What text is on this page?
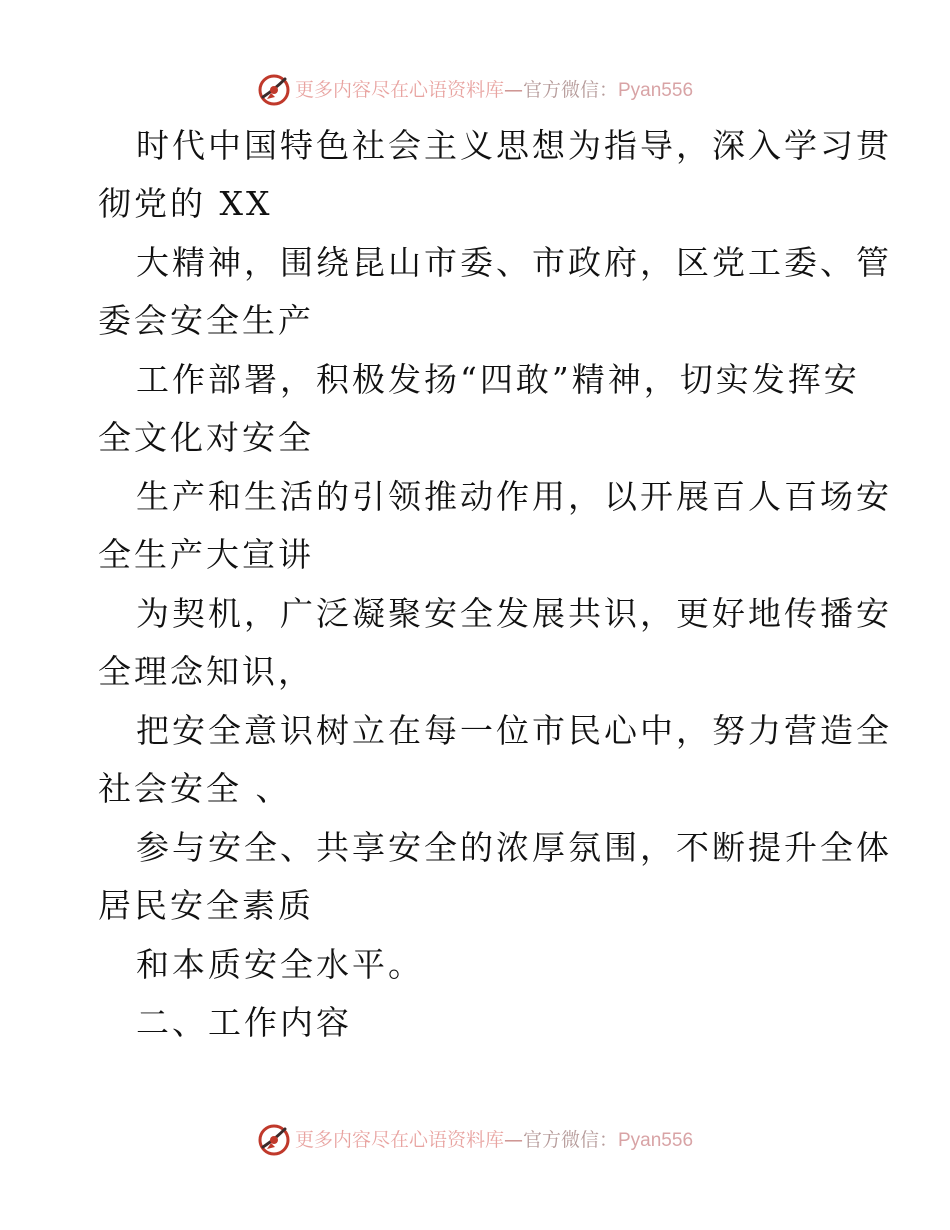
更多内容尽在心语资料库—官方微信：Pyan556
时代中国特色社会主义思想为指导，深入学习贯
彻党的 XX
大精神，围绕昆山市委、市政府，区党工委、管
委会安全生产
工作部署，积极发扬“四敢”精神，切实发挥安
全文化对安全
生产和生活的引领推动作用，以开展百人百场安
全生产大宣讲
为契机，广泛凝聚安全发展共识，更好地传播安
全理念知识，
把安全意识树立在每一位市民心中，努力营造全
社会安全 、
参与安全、共享安全的浓厚氛围，不断提升全体
居民安全素质
和本质安全水平。
二、工作内容
更多内容尽在心语资料库—官方微信：Pyan556
